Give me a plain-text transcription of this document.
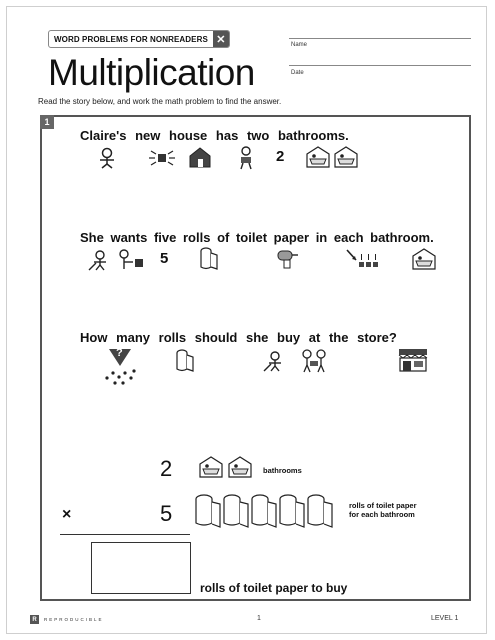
WORD PROBLEMS FOR NONREADERS ✕
Multiplication
Name
Date
Read the story below, and work the math problem to find the answer.
1
Claire's new house has two bathrooms.
2
She wants five rolls of toilet paper in each bathroom.
5
How many rolls should she buy at the store?
?
2	bathrooms
×	5	rolls of toilet paper
for each bathroom
rolls of toilet paper to buy
R	REPRODUCIBLE	1	LEVEL 1
